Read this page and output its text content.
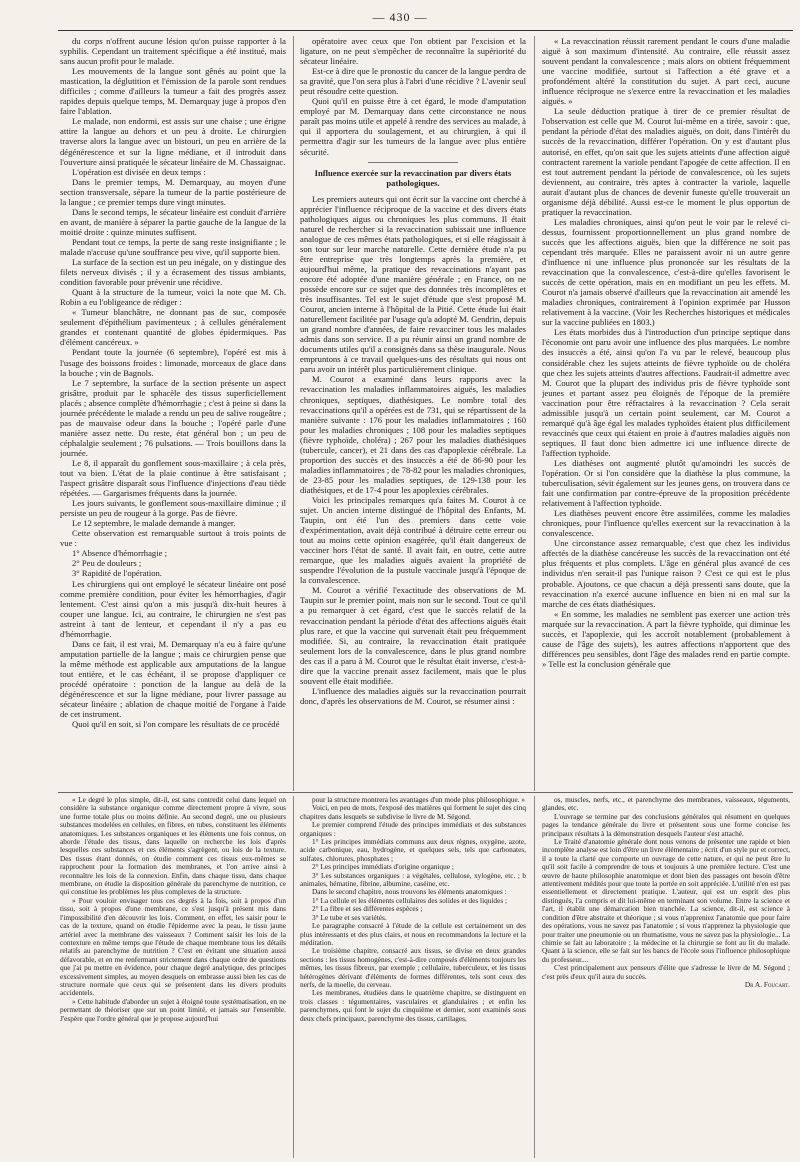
— 430 —

du corps n'offrent aucune lésion qu'on puisse rapporter à la syphilis. Cependant un traitement spécifique a été institué, mais sans aucun profit pour le malade.

Les mouvements de la langue sont gênés au point que la mastication, la déglutition et l'émission de la parole sont rendues difficiles ; comme d'ailleurs la tumeur a fait des progrès assez rapides depuis quelque temps, M. Demarquay juge à propos d'en faire l'ablation.

Le malade, non endormi, est assis sur une chaise ; une érigne attire la langue au dehors et un peu à droite. Le chirurgien traverse alors la langue avec un bistouri, un peu en arrière de la dégénérescence et sur la ligne médiane, et il introduit dans l'ouverture ainsi pratiquée le sécateur linéaire de M. Chassaignac.

L'opération est divisée en deux temps :

Dans le premier temps, M. Demarquay, au moyen d'une section transversale, sépare la tumeur de la partie postérieure de la langue ; ce premier temps dure vingt minutes.

Dans le second temps, le sécateur linéaire est conduit d'arrière en avant, de manière à séparer la partie gauche de la langue de la moitié droite : quinze minutes suffisent.

Pendant tout ce temps, la perte de sang reste insignifiante ; le malade n'accuse qu'une souffrance peu vive, qu'il supporte bien.

La surface de la section est un peu inégale, on y distingue des filets nerveux divisés ; il y a écrasement des tissus ambiants, condition favorable pour prévenir une récidive.

Quant à la structure de la tumeur, voici la note que M. Ch. Robin a eu l'obligeance de rédiger :

« Tumeur blanchâtre, ne donnant pas de suc, composée seulement d'épithélium pavimenteux ; à cellules généralement grandes et contenant quantité de globes épidermiques. Pas d'élément cancéreux. »

Pendant toute la journée (6 septembre), l'opéré est mis à l'usage des boissons froides : limonade, morceaux de glace dans la bouche ; vin de Bagnols.

Le 7 septembre, la surface de la section présente un aspect grisâtre, produit par le sphacèle des tissus superficiellement placés ; absence complète d'hémorrhagie ; c'est à peine si dans la journée précédente le malade a rendu un peu de salive rougeâtre ; pas de mauvaise odeur dans la bouche ; l'opéré parle d'une manière assez nette. Du reste, état général bon ; un peu de céphalalgie seulement ; 76 pulsations. — Trois bouillons dans la journée.

Le 8, il apparaît du gonflement sous-maxillaire ; à cela près, tout va bien. L'état de la plaie continue à être satisfaisant ; l'aspect grisâtre disparaît sous l'influence d'injections d'eau tiède répétées. — Gargarismes fréquents dans la journée.

Les jours suivants, le gonflement sous-maxillaire diminue ; il persiste un peu de rougeur à la gorge. Pas de fièvre.

Le 12 septembre, le malade demande à manger.

Cette observation est remarquable surtout à trois points de vue :

1° Absence d'hémorrhagie ;

2° Peu de douleurs ;

3° Rapidité de l'opération.

Les chirurgiens qui ont employé le sécateur linéaire ont posé comme première condition, pour éviter les hémorrhagies, d'agir lentement. C'est ainsi qu'on a mis jusqu'à dix-huit heures à couper une langue. Ici, au contraire, le chirurgien ne s'est pas astreint à tant de lenteur, et cependant il n'y a pas eu d'hémorrhagie.

Dans ce fait, il est vrai, M. Demarquay n'a eu à faire qu'une amputation partielle de la langue ; mais ce chirurgien pense que la même méthode est applicable aux amputations de la langue tout entière, et le cas échéant, il se propose d'appliquer ce procédé opératoire : ponction de la langue au delà de la dégénérescence et sur la ligne médiane, pour livrer passage au sécateur linéaire ; ablation de chaque moitié de l'organe à l'aide de cet instrument.

Quoi qu'il en soit, si l'on compare les résultats de ce procédé

opératoire avec ceux que l'on obtient par l'excision et la ligature, on ne peut s'empêcher de reconnaître la supériorité du sécateur linéaire.

Est-ce à dire que le pronostic du cancer de la langue perdra de sa gravité, que l'on sera plus à l'abri d'une récidive ? L'avenir seul peut résoudre cette question.

Quoi qu'il en puisse être à cet égard, le mode d'amputation employé par M. Demarquay dans cette circonstance ne nous paraît pas moins utile et appelé à rendre des services au malade, à qui il apportera du soulagement, et au chirurgien, à qui il permettra d'agir sur les tumeurs de la langue avec plus entière sécurité.

Influence exercée sur la revaccination par divers états pathologiques.

Les premiers auteurs qui ont écrit sur la vaccine ont cherché à apprécier l'influence réciproque de la vaccine et des divers états pathologiques aigus ou chroniques les plus communs. Il était naturel de rechercher si la revaccination subissait une influence analogue de ces mêmes états pathologiques, et si elle réagissait à son tour sur leur marche naturelle. Cette dernière étude n'a pu être entreprise que très longtemps après la première, et aujourd'hui même, la pratique des revaccinations n'ayant pas encore été adoptée d'une manière générale ; en France, on ne possède encore sur ce sujet que des données très incomplètes et très insuffisantes. Tel est le sujet d'étude que s'est proposé M. Courot, ancien interne à l'hôpital de la Pitié. Cette étude lui était naturellement facilitée par l'usage qu'a adopté M. Gendrin, depuis un grand nombre d'années, de faire revacciner tous les malades admis dans son service. Il a pu réunir ainsi un grand nombre de documents utiles qu'il a consignés dans sa thèse inaugurale. Nous empruntons à ce travail quelques-uns des résultats qui nous ont paru avoir un intérêt plus particulièrement clinique.

M. Courot a examiné dans leurs rapports avec la revaccination les maladies inflammatoires aiguës, les maladies chroniques, septiques, diathésiques. Le nombre total des revaccinations qu'il a opérées est de 731, qui se répartissent de la manière suivante : 176 pour les maladies inflammatoires ; 160 pour les maladies chroniques ; 108 pour les maladies septiques (fièvre typhoïde, choléra) ; 267 pour les maladies diathésiques (tubercule, cancer), et 21 dans des cas d'apoplexie cérébrale. La proportion des succès et des insuccès a été de 86-90 pour les maladies inflammatoires ; de 78-82 pour les maladies chroniques, de 23-85 pour les maladies septiques, de 129-138 pour les diathésiques, et de 17-4 pour les apoplexies cérébrales.

Voici les principales remarques qu'a faites M. Courot à ce sujet. Un ancien interne distingué de l'hôpital des Enfants, M. Taupin, ont été l'un des premiers dans cette voie d'expérimentation, avait déjà contribué à détruire cette erreur ou tout au moins cette opinion exagérée, qu'il était dangereux de vacciner hors l'état de santé. Il avait fait, en outre, cette autre remarque, que les maladies aiguës avaient la propriété de suspendre l'évolution de la pustule vaccinale jusqu'à l'époque de la convalescence.

M. Courot a vérifié l'exactitude des observations de M. Taupin sur le premier point, mais non sur le second. Tout ce qu'il a pu remarquer à cet égard, c'est que le succès relatif de la revaccination pendant la période d'état des affections aiguës était plus rare, et que la vaccine qui survenait était peu fréquemment modifiée. Si, au contraire, la revaccination était pratiquée seulement lors de la convalescence, dans le plus grand nombre des cas il a paru à M. Courot que le résultat était inverse, c'est-à-dire que la vaccine prenait assez facilement, mais que le plus souvent elle était modifiée.

L'influence des maladies aiguës sur la revaccination pourrait donc, d'après les observations de M. Courot, se résumer ainsi :

« La revaccination réussit rarement pendant le cours d'une maladie aiguë à son maximum d'intensité. Au contraire, elle réussit assez souvent pendant la convalescence ; mais alors on obtient fréquemment une vaccine modifiée, surtout si l'affection a été grave et a profondément altéré la constitution du sujet. A part ceci, aucune influence réciproque ne s'exerce entre la revaccination et les maladies aiguës. »

La seule déduction pratique à tirer de ce premier résultat de l'observation est celle que M. Courot lui-même en a tirée, savoir : que, pendant la période d'état des maladies aiguës, on doit, dans l'intérêt du succès de la revaccination, différer l'opération. On y est d'autant plus autorisé, en effet, qu'on sait que les sujets atteints d'une affection aiguë contractent rarement la variole pendant l'apogée de cette affection. Il en est tout autrement pendant la période de convalescence, où les sujets deviennent, au contraire, très aptes à contracter la variole, laquelle aurait d'autant plus de chances de devenir funeste qu'elle trouverait un organisme déjà débilité. Aussi est-ce le moment le plus opportun de pratiquer la revaccination.

Les maladies chroniques, ainsi qu'on peut le voir par le relevé ci-dessus, fournissent proportionnellement un plus grand nombre de succès que les affections aiguës, bien que la différence ne soit pas cependant très marquée. Elles ne paraissent avoir ni un autre genre d'influence ni une influence plus prononcée sur les résultats de la revaccination que la convalescence, c'est-à-dire qu'elles favorisent le succès de cette opération, mais en en modifiant un peu les effets. M. Courot n'a jamais observé d'ailleurs que la revaccination ait amendé les maladies chroniques, contrairement à l'opinion exprimée par Husson relativement à la vaccine. (Voir les Recherches historiques et médicales sur la vaccine publiées en 1803.)

Les états morbides dus à l'introduction d'un principe septique dans l'économie ont paru avoir une influence des plus marquées. Le nombre des insuccès a été, ainsi qu'on l'a vu par le relevé, beaucoup plus considérable chez les sujets atteints de fièvre typhoïde ou de choléra que chez les sujets atteints d'autres affections. Faudrait-il admettre avec M. Courot que la plupart des individus pris de fièvre typhoïde sont jeunes et partant assez peu éloignés de l'époque de la première vaccination pour être réfractaires à la revaccination ? Cela serait admissible jusqu'à un certain point seulement, car M. Courot a remarqué qu'à âge égal les malades typhoïdes étaient plus difficilement revaccinés que ceux qui étaient en proie à d'autres maladies aiguës non septiques. Il faut donc bien admettre ici une influence directe de l'affection typhoïde.

Les diathèses ont augmenté plutôt qu'amoindri les succès de l'opération. Or si l'on considère que la diathèse la plus commune, la tuberculisation, sévit également sur les jeunes gens, on trouvera dans ce fait une confirmation par contre-épreuve de la proposition précédente relativement à l'affection typhoïde.

Les diathèses peuvent encore être assimilées, comme les maladies chroniques, pour l'influence qu'elles exercent sur la revaccination à la convalescence.

Une circonstance assez remarquable, c'est que chez les individus affectés de la diathèse cancéreuse les succès de la revaccination ont été plus fréquents et plus complets. L'âge en général plus avancé de ces individus n'en serait-il pas l'unique raison ? C'est ce qui est le plus probable. Ajoutons, ce que chacun a déjà pressenti sans doute, que la revaccination n'a exercé aucune influence en bien ni en mal sur la marche de ces états diathésiques.

« En somme, les maladies ne semblent pas exercer une action très marquée sur la revaccination. A part la fièvre typhoïde, qui diminue les succès, et l'apoplexie, qui les accroît notablement (probablement à cause de l'âge des sujets), les autres affections n'apportent que des différences peu sensibles, dont l'âge des malades rend en partie compte. » Telle est la conclusion générale que

« Le degré le plus simple, dit-il, est sans contredit celui dans lequel on considère la substance organique comme directement propre à vivre, sous une forme totale plus ou moins définie. Au second degré, une ou plusieurs substances modelées en cellules, en fibres, en tubes, constituent les éléments anatomiques. Les substances organiques et les éléments une fois connus, on aborde l'étude des tissus, dans laquelle on recherche les lois d'après lesquelles ces substances et ces éléments s'agrègent, ou lois de la texture. Des tissus étant donnés, on étudie comment ces tissus eux-mêmes se rapprochent pour la formation des membranes, et l'on arrive ainsi à reconnaître les lois de la connexion. Enfin, dans chaque tissu, dans chaque membrane, on étudie la disposition générale du parenchyme de nutrition, ce qui constitue les problèmes les plus complexes de la structure.

» Pour vouloir envisager tous ces degrés à la fois, soit à propos d'un tissu, soit à propos d'une membrane, ce s'est jusqu'à présent mis dans l'impossibilité d'en découvrir les lois. Comment, en effet, les saisir pour le cas de la texture, quand on étudie l'épiderme avec la peau, le tissu jaune artériel avec la membrane des vaisseaux ? Comment saisir les lois de la contexture en même temps que l'étude de chaque membrane tous les détails relatifs au parenchyme de nutrition ? C'est en évitant une situation aussi défavorable, et en me renfermant strictement dans chaque ordre de questions que j'ai pu mettre en évidence, pour chaque degré analytique, des principes excessivement simples, au moyen desquels on embrasse aussi bien les cas de structure normale que ceux qui se présentent dans les divers produits accidentels.

» Cette habitude d'aborder un sujet à éloigné toute systématisation, en ne permettant de théoriser que sur un point limité, et jamais sur l'ensemble. J'espère que l'ordre général que je propose aujourd'hui

pour la structure montrera les avantages d'un mode plus philosophique. »

Voici, en peu de mots, l'exposé des matières qui forment le sujet des cinq chapitres dans lesquels se subdivise le livre de M. Ségond.

Le premier comprend l'étude des principes immédiats et des substances organiques :

1° Les principes immédiats communs aux deux règnes, oxygène, azote, acide carbonique, eau, hydrogène, et quelques sels, tels que carbonates, sulfates, chlorures, phosphates ;

2° Les principes immédiats d'origine organique ;

3° Les substances organiques : a végétales, cellulose, xylogène, etc. ; b animales, hématine, fibrine, albumine, caséine, etc.

Dans le second chapitre, nous trouvons les éléments anatomiques :

1° La cellule et les éléments cellulaires des solides et des liquides ;

2° La fibre et ses différentes espèces ;

3° Le tube et ses variétés.

Le paragraphe consacré à l'étude de la cellule est certainement un des plus intéressants et des plus clairs, et nous en recommandons la lecture et la méditation.

Le troisième chapitre, consacré aux tissus, se divise en deux grandes sections : les tissus homogènes, c'est-à-dire composés d'éléments toujours les mêmes, les tissus fibreux, par exemple ; cellulaire, tuberculeux, et les tissus hétérogènes dérivant d'éléments de formes différentes, tels sont ceux des nerfs, de la moelle, du cerveau.

Les membranes, étudiées dans le quatrième chapitre, se distinguent en trois classes : tégumentaires, vasculaires et glandulaires ; et enfin les parenchymes, qui font le sujet du cinquième et dernier, sont examinés sous deux chefs principaux, parenchyme des tissus, cartilages,

os, muscles, nerfs, etc., et parenchyme des membranes, vaisseaux, téguments, glandes, etc.

L'ouvrage se termine par des conclusions générales qui résument en quelques pages la tendance générale du livre et présentent sous une forme concise les principaux résultats à la démonstration desquels l'auteur s'est attaché.

Le Traité d'anatomie générale dont nous venons de présenter une rapide et bien incomplète analyse est loin d'être un livre élémentaire ; écrit d'un style pur et correct, il a toute la clarté que comporte un ouvrage de cette nature, et qui ne peut être lu qu'il soit facile à comprendre de tous et toujours à une première lecture. C'est une œuvre de haute philosophie anatomique et dont bien des passages ont besoin d'être attentivement médités pour que toute la portée en soit appréciée. L'utilité n'en est pas essentiellement et directement pratique. L'auteur, qui est un esprit des plus distingués, l'a compris et dit lui-même en terminant son volume. Entre la science et l'art, il établit une démarcation bien tranchée. La science, dit-il, est science à condition d'être abstraite et théorique ; si vous n'appreniez l'anatomie que pour faire des opérations, vous ne savez pas l'anatomie ; si vous n'apprenez la physiologie que pour traiter une pneumonie ou un rhumatisme, vous ne savez pas la physiologie... La chimie se fait au laboratoire ; la médecine et la chirurgie se font au lit du malade. Quant à la science, elle se fait sur les bancs de l'école sous l'influence philosophique du professeur....

C'est principalement aux penseurs d'élite que s'adresse le livre de M. Ségond ; c'est près d'eux qu'il aura du succès.

Dr A. Foucart.
